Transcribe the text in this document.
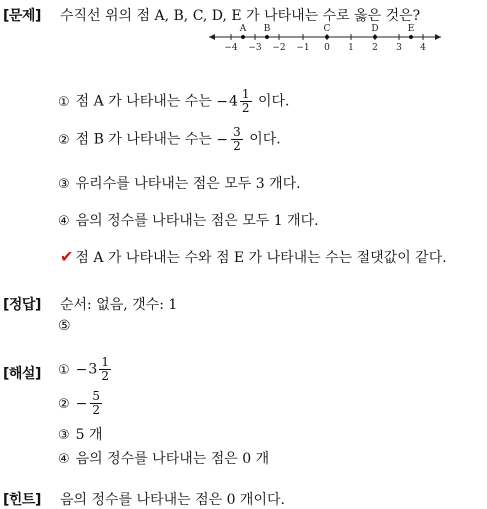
[문제] 수직선 위의 점 A, B, C, D, E 가 나타내는 수로 옳은 것은?
−4 −3 −2 −1 0 1 2 3 4
A B	C	D	E
① 점 A 가 나타내는 수는 $-4 \frac{1}{2}$ 이다.
② 점 B 가 나타내는 수는 − $\frac{3}{2}$ 이다.
③ 유리수를 나타내는 점은 모두 3 개다.
④ 음의 정수를 나타내는 점은 모두 1 개다.
✔ 점 A 가 나타내는 수와 점 E 가 나타내는 수는 절댓값이 같다.
[정답] 순서: 없음, 갯수: 1
⑤
[해설] ① $-3 \frac{1}{2}$
② − $\frac{5}{2}$
③ 5 개
④ 음의 정수를 나타내는 점은 0 개
[힌트] 음의 정수를 나타내는 점은 0 개이다.
